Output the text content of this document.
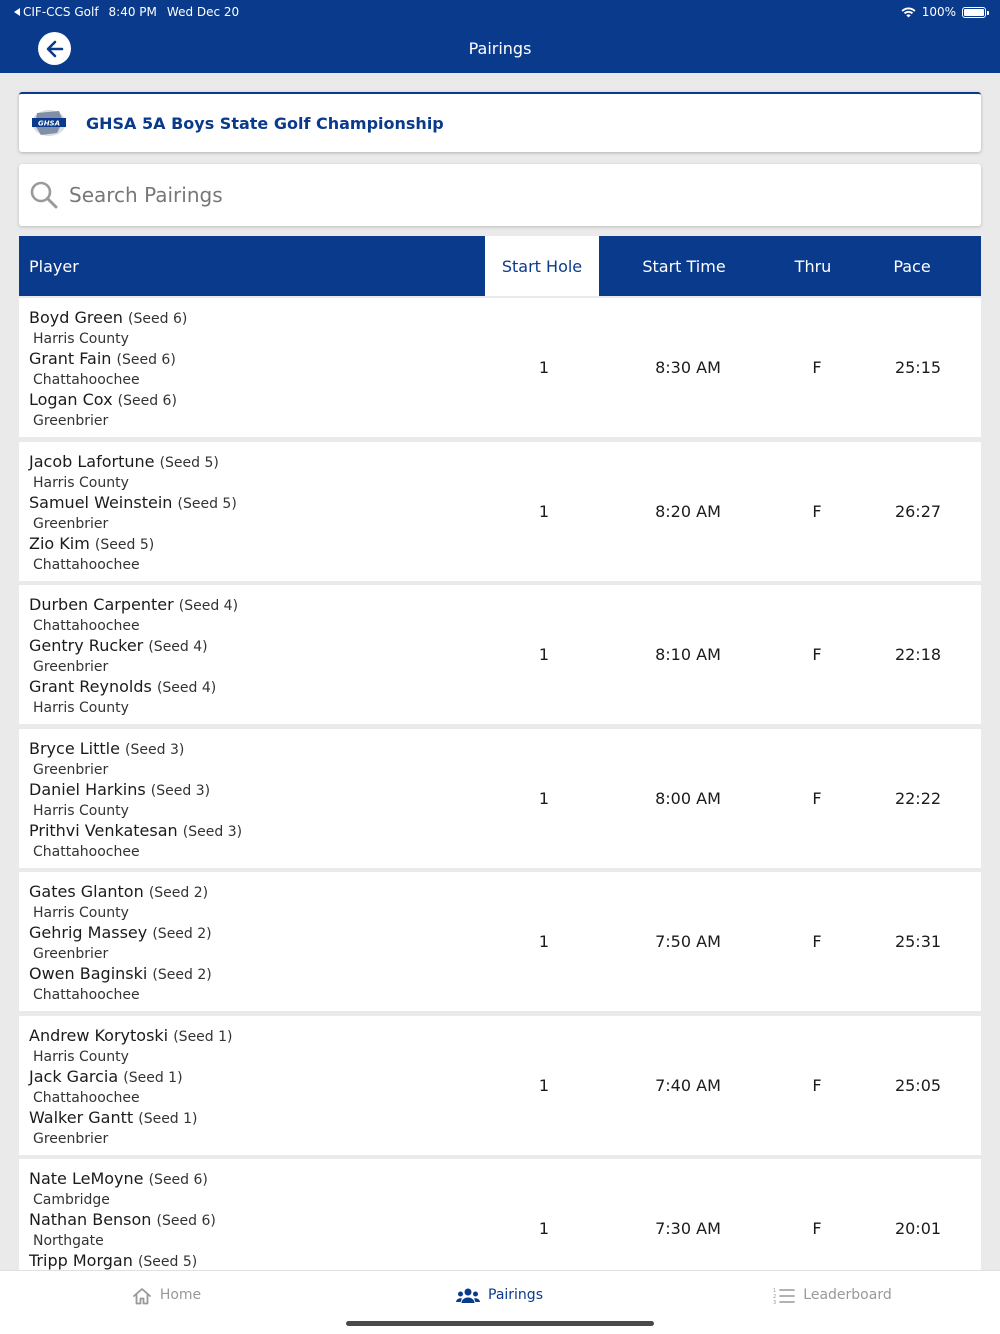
CIF-CCS Golf 8:40 PM Wed Dec 20	100%
Pairings
GHSA GHSA 5A Boys State Golf Championship
Search Pairings
Player	Start Hole	Start Time	Thru	Pace
Boyd Green (Seed 6)
Harris County
Grant Fain (Seed 6)
Chattahoochee
Logan Cox (Seed 6)
Greenbrier
1	8:30 AM	F	25:15
Jacob Lafortune (Seed 5)
Harris County
Samuel Weinstein (Seed 5)
Greenbrier
Zio Kim (Seed 5)
Chattahoochee
1	8:20 AM	F	26:27
Durben Carpenter (Seed 4)
Chattahoochee
Gentry Rucker (Seed 4)
Greenbrier
Grant Reynolds (Seed 4)
Harris County
1	8:10 AM	F	22:18
Bryce Little (Seed 3)
Greenbrier
Daniel Harkins (Seed 3)
Harris County
Prithvi Venkatesan (Seed 3)
Chattahoochee
1	8:00 AM	F	22:22
Gates Glanton (Seed 2)
Harris County
Gehrig Massey (Seed 2)
Greenbrier
Owen Baginski (Seed 2)
Chattahoochee
1	7:50 AM	F	25:31
Andrew Korytoski (Seed 1)
Harris County
Jack Garcia (Seed 1)
Chattahoochee
Walker Gantt (Seed 1)
Greenbrier
1	7:40 AM	F	25:05
Nate LeMoyne (Seed 6)
Cambridge
Nathan Benson (Seed 6)
Northgate
Tripp Morgan (Seed 5)
1	7:30 AM	F	20:01
Home	Pairings	1
2
3 Leaderboard
